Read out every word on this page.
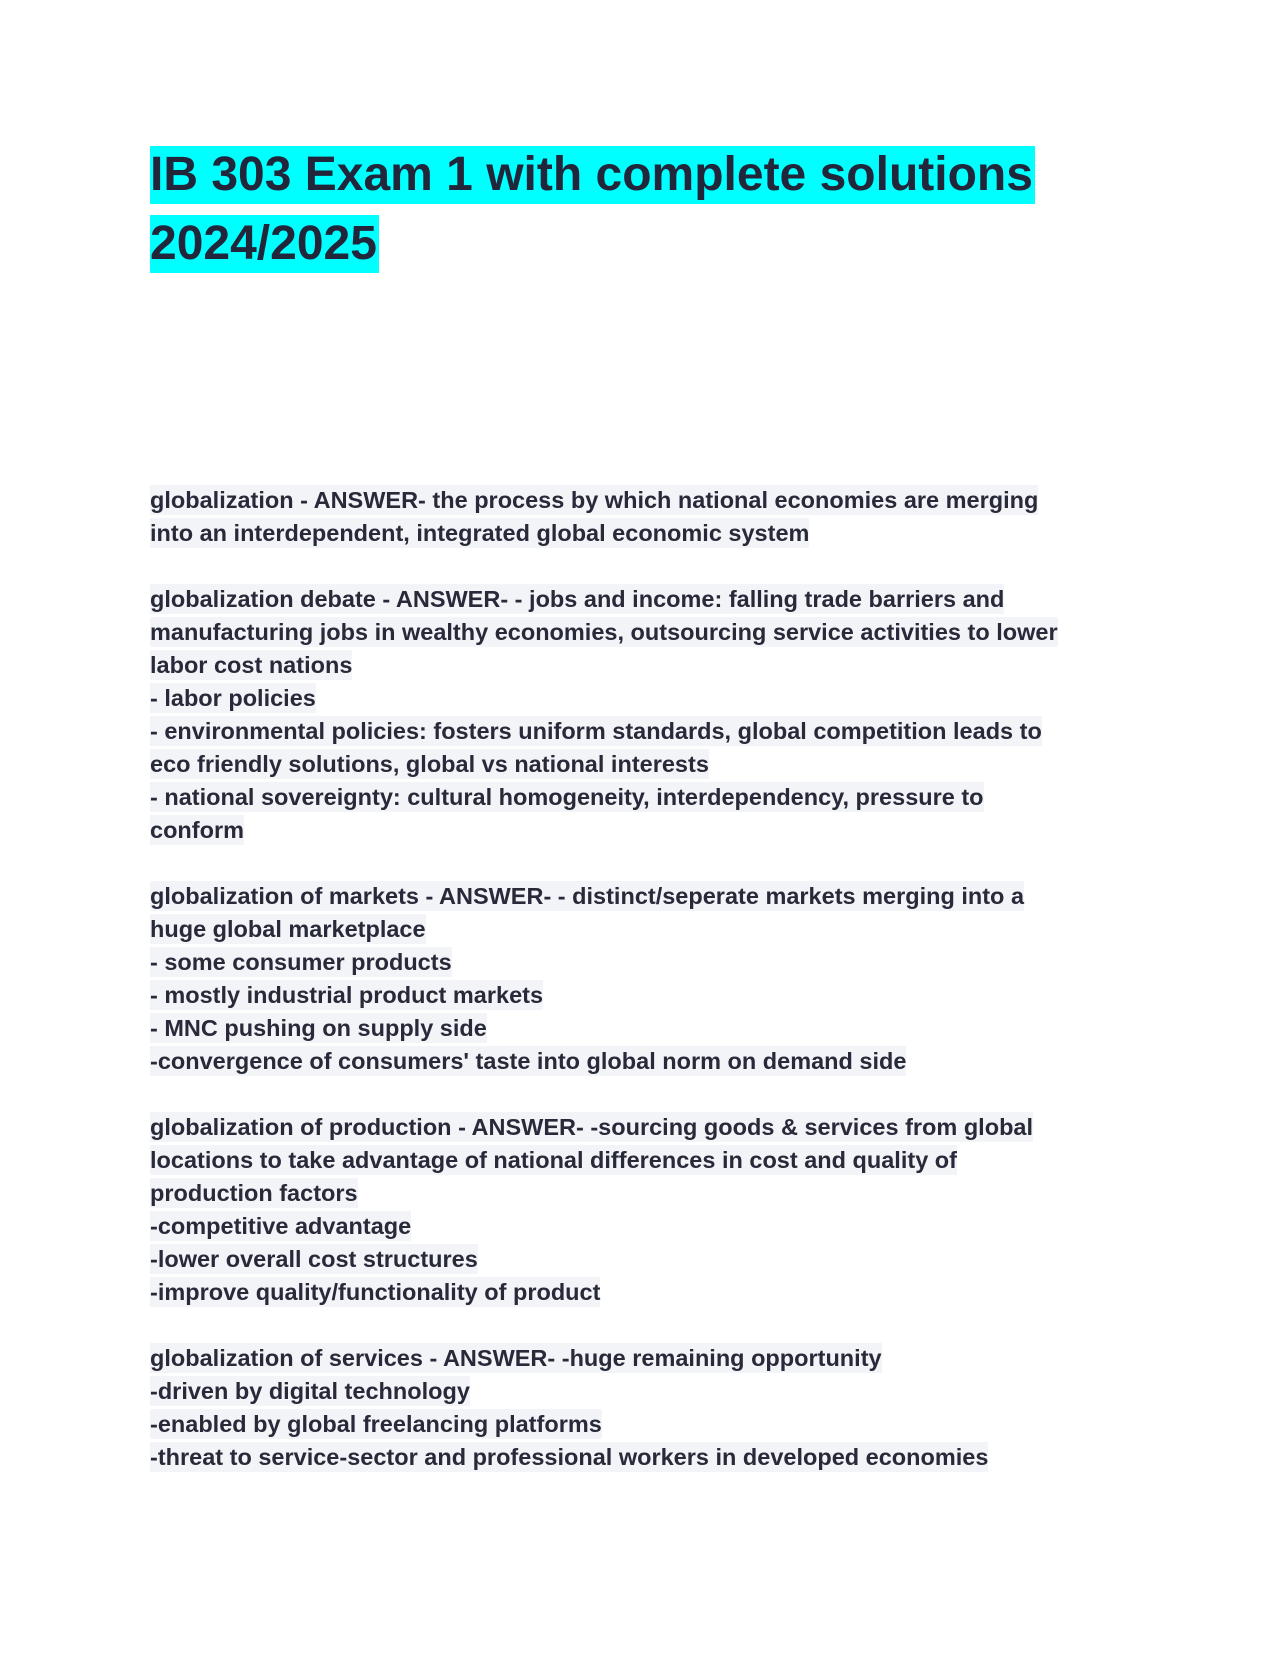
IB 303 Exam 1 with complete solutions
2024/2025
globalization - ANSWER- the process by which national economies are merging
into an interdependent, integrated global economic system
globalization debate - ANSWER- - jobs and income: falling trade barriers and
manufacturing jobs in wealthy economies, outsourcing service activities to lower
labor cost nations
- labor policies
- environmental policies: fosters uniform standards, global competition leads to
eco friendly solutions, global vs national interests
- national sovereignty: cultural homogeneity, interdependency, pressure to
conform
globalization of markets - ANSWER- - distinct/seperate markets merging into a
huge global marketplace
- some consumer products
- mostly industrial product markets
- MNC pushing on supply side
-convergence of consumers' taste into global norm on demand side
globalization of production - ANSWER- -sourcing goods & services from global
locations to take advantage of national differences in cost and quality of
production factors
-competitive advantage
-lower overall cost structures
-improve quality/functionality of product
globalization of services - ANSWER- -huge remaining opportunity
-driven by digital technology
-enabled by global freelancing platforms
-threat to service-sector and professional workers in developed economies
